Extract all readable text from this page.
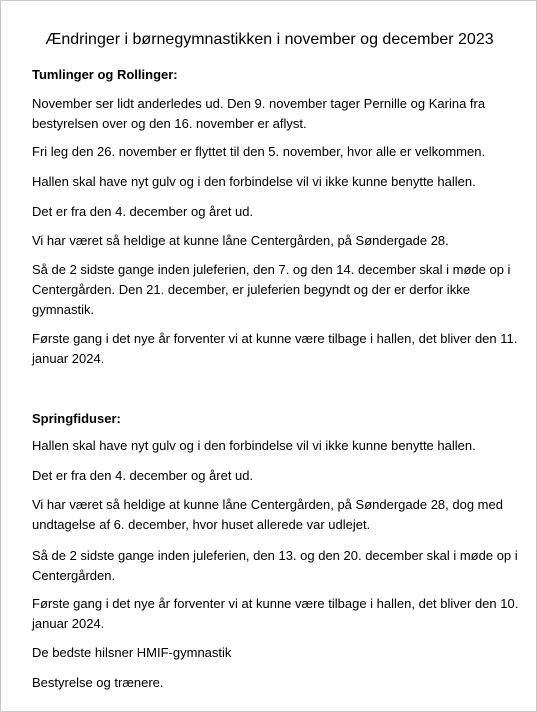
Ændringer i børnegymnastikken i november og december 2023
Tumlinger og Rollinger:
November ser lidt anderledes ud. Den 9. november tager Pernille og Karina fra bestyrelsen over og den 16. november er aflyst.
Fri leg den 26. november er flyttet til den 5. november, hvor alle er velkommen.
Hallen skal have nyt gulv og i den forbindelse vil vi ikke kunne benytte hallen.
Det er fra den 4. december og året ud.
Vi har været så heldige at kunne låne Centergården, på Søndergade 28.
Så de 2 sidste gange inden juleferien, den 7. og den 14. december skal i møde op i Centergården. Den 21. december, er juleferien begyndt og der er derfor ikke gymnastik.
Første gang i det nye år forventer vi at kunne være tilbage i hallen, det bliver den 11. januar 2024.
Springfiduser:
Hallen skal have nyt gulv og i den forbindelse vil vi ikke kunne benytte hallen.
Det er fra den 4. december og året ud.
Vi har været så heldige at kunne låne Centergården, på Søndergade 28, dog med undtagelse af 6. december, hvor huset allerede var udlejet.
Så de 2 sidste gange inden juleferien, den 13. og den 20. december skal i møde op i Centergården.
Første gang i det nye år forventer vi at kunne være tilbage i hallen, det bliver den 10. januar 2024.
De bedste hilsner HMIF-gymnastik
Bestyrelse og trænere.
